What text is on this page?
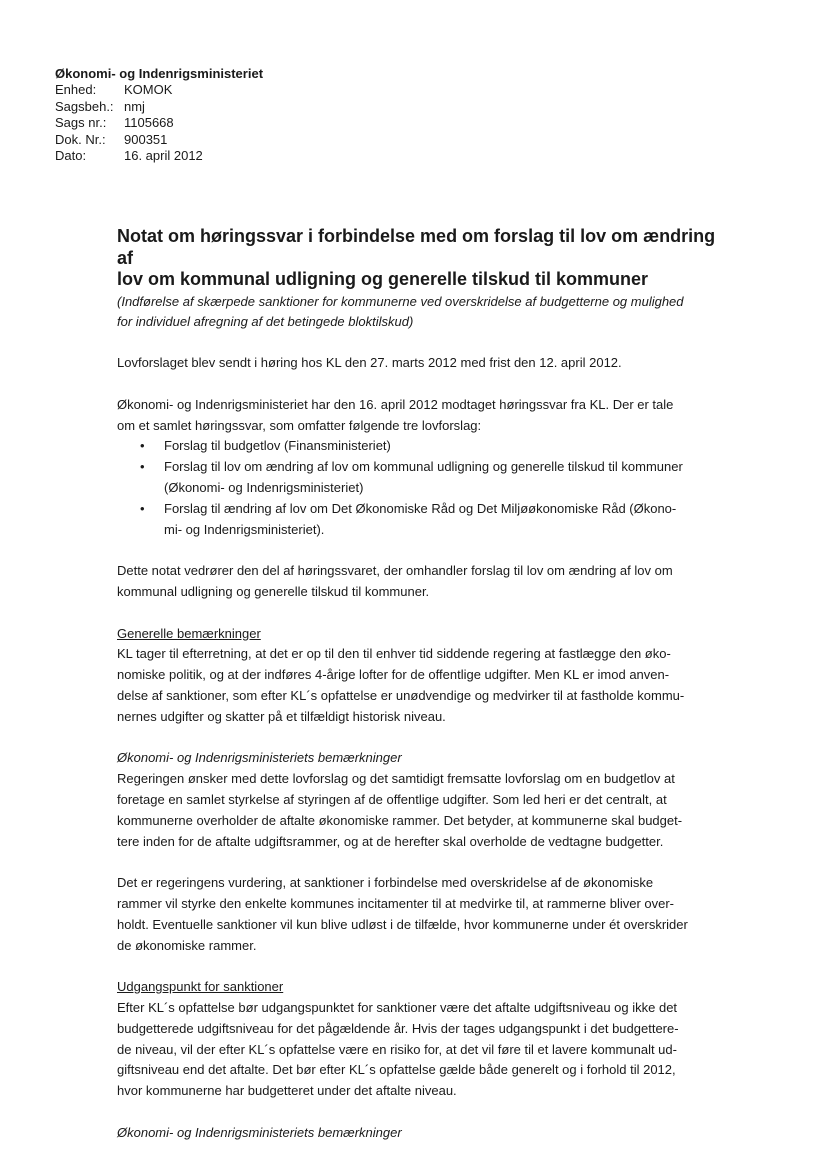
Økonomi- og Indenrigsministeriet
Enhed:	KOMOK
Sagsbeh.: nmj
Sags nr.:	1105668
Dok. Nr.:	900351
Dato:	16. april 2012
Notat om høringssvar i forbindelse med om forslag til lov om ændring af
lov om kommunal udligning og generelle tilskud til kommuner
(Indførelse af skærpede sanktioner for kommunerne ved overskridelse af budgetterne og mulighed
for individuel afregning af det betingede bloktilskud)

Lovforslaget blev sendt i høring hos KL den 27. marts 2012 med frist den 12. april 2012.

Økonomi- og Indenrigsministeriet har den 16. april 2012 modtaget høringssvar fra KL. Der er tale
om et samlet høringssvar, som omfatter følgende tre lovforslag:
• Forslag til budgetlov (Finansministeriet)
• Forslag til lov om ændring af lov om kommunal udligning og generelle tilskud til kommuner
(Økonomi- og Indenrigsministeriet)
• Forslag til ændring af lov om Det Økonomiske Råd og Det Miljøøkonomiske Råd (Økono-
mi- og Indenrigsministeriet).
Dette notat vedrører den del af høringssvaret, der omhandler forslag til lov om ændring af lov om
kommunal udligning og generelle tilskud til kommuner.
Generelle bemærkninger
KL tager til efterretning, at det er op til den til enhver tid siddende regering at fastlægge den øko-
nomiske politik, og at der indføres 4-årige lofter for de offentlige udgifter. Men KL er imod anven-
delse af sanktioner, som efter KL´s opfattelse er unødvendige og medvirker til at fastholde kommu-
nernes udgifter og skatter på et tilfældigt historisk niveau.
Økonomi- og Indenrigsministeriets bemærkninger
Regeringen ønsker med dette lovforslag og det samtidigt fremsatte lovforslag om en budgetlov at
foretage en samlet styrkelse af styringen af de offentlige udgifter. Som led heri er det centralt, at
kommunerne overholder de aftalte økonomiske rammer. Det betyder, at kommunerne skal budget-
tere inden for de aftalte udgiftsrammer, og at de herefter skal overholde de vedtagne budgetter.
Det er regeringens vurdering, at sanktioner i forbindelse med overskridelse af de økonomiske
rammer vil styrke den enkelte kommunes incitamenter til at medvirke til, at rammerne bliver over-
holdt. Eventuelle sanktioner vil kun blive udløst i de tilfælde, hvor kommunerne under ét overskrider
de økonomiske rammer.
Udgangspunkt for sanktioner
Efter KL´s opfattelse bør udgangspunktet for sanktioner være det aftalte udgiftsniveau og ikke det
budgetterede udgiftsniveau for det pågældende år. Hvis der tages udgangspunkt i det budgettere-
de niveau, vil der efter KL´s opfattelse være en risiko for, at det vil føre til et lavere kommunalt ud-
giftsniveau end det aftalte. Det bør efter KL´s opfattelse gælde både generelt og i forhold til 2012,
hvor kommunerne har budgetteret under det aftalte niveau.
Økonomi- og Indenrigsministeriets bemærkninger
